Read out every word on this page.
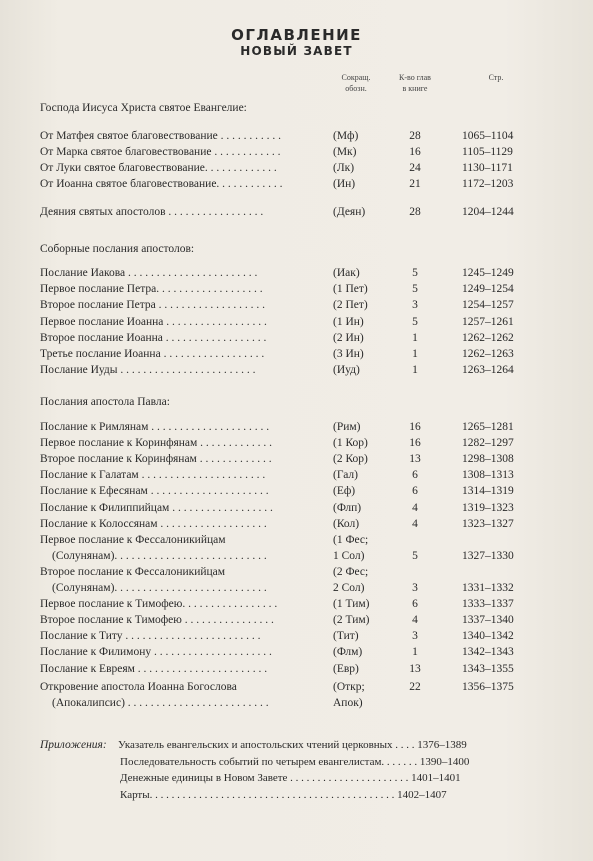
ОГЛАВЛЕНИЕ
НОВЫЙ ЗАВЕТ
Сокращ.
обозн.
К-во глав
в книге
Стр.
Господа Иисуса Христа святое Евангелие:
От Матфея святое благовествование . . . . . . . . . . .	(Мф)	28	1065–1104
От Марка святое благовествование . . . . . . . . . . . .	(Мк)	16	1105–1129
От Луки святое благовествование. . . . . . . . . . . . .	(Лк)	24	1130–1171
От Иоанна святое благовествование. . . . . . . . . . . .	(Ин)	21	1172–1203
Деяния святых апостолов . . . . . . . . . . . . . . . . .	(Деян)	28	1204–1244
Соборные послания апостолов:
Послание Иакова . . . . . . . . . . . . . . . . . . . . . . .	(Иак)	5	1245–1249
Первое послание Петра. . . . . . . . . . . . . . . . . . .	(1 Пет)	5	1249–1254
Второе послание Петра . . . . . . . . . . . . . . . . . . .	(2 Пет)	3	1254–1257
Первое послание Иоанна . . . . . . . . . . . . . . . . . .	(1 Ин)	5	1257–1261
Второе послание Иоанна . . . . . . . . . . . . . . . . . .	(2 Ин)	1	1262–1262
Третье послание Иоанна . . . . . . . . . . . . . . . . . .	(3 Ин)	1	1262–1263
Послание Иуды . . . . . . . . . . . . . . . . . . . . . . . .	(Иуд)	1	1263–1264
Послания апостола Павла:
Послание к Римлянам . . . . . . . . . . . . . . . . . . . . .	(Рим)	16	1265–1281
Первое послание к Коринфянам . . . . . . . . . . . . .	(1 Кор)	16	1282–1297
Второе послание к Коринфянам . . . . . . . . . . . . .	(2 Кор)	13	1298–1308
Послание к Галатам . . . . . . . . . . . . . . . . . . . . . .	(Гал)	6	1308–1313
Послание к Ефесянам . . . . . . . . . . . . . . . . . . . . .	(Еф)	6	1314–1319
Послание к Филиппийцам . . . . . . . . . . . . . . . . . .	(Флп)	4	1319–1323
Послание к Колоссянам . . . . . . . . . . . . . . . . . . .	(Кол)	4	1323–1327
Первое послание к Фессалоникийцам	(1 Фес;
(Солунянам). . . . . . . . . . . . . . . . . . . . . . . . . . .	1 Сол)	5	1327–1330
Второе послание к Фессалоникийцам	(2 Фес;
(Солунянам). . . . . . . . . . . . . . . . . . . . . . . . . . .	2 Сол)	3	1331–1332
Первое послание к Тимофею. . . . . . . . . . . . . . . . .	(1 Тим)	6	1333–1337
Второе послание к Тимофею . . . . . . . . . . . . . . . .	(2 Тим)	4	1337–1340
Послание к Титу . . . . . . . . . . . . . . . . . . . . . . . .	(Тит)	3	1340–1342
Послание к Филимону . . . . . . . . . . . . . . . . . . . . .	(Флм)	1	1342–1343
Послание к Евреям . . . . . . . . . . . . . . . . . . . . . . .	(Евр)	13	1343–1355
Откровение апостола Иоанна Богослова	(Откр;	22	1356–1375
(Апокалипсис) . . . . . . . . . . . . . . . . . . . . . . . . .	Апок)
Приложения: Указатель евангельских и апостольских чтений церковных . . . . 1376–1389
Последовательность событий по четырем евангелистам. . . . . . . 1390–1400
Денежные единицы в Новом Завете . . . . . . . . . . . . . . . . . . . . . . 1401–1401
Карты. . . . . . . . . . . . . . . . . . . . . . . . . . . . . . . . . . . . . . . . . . . . . 1402–1407
